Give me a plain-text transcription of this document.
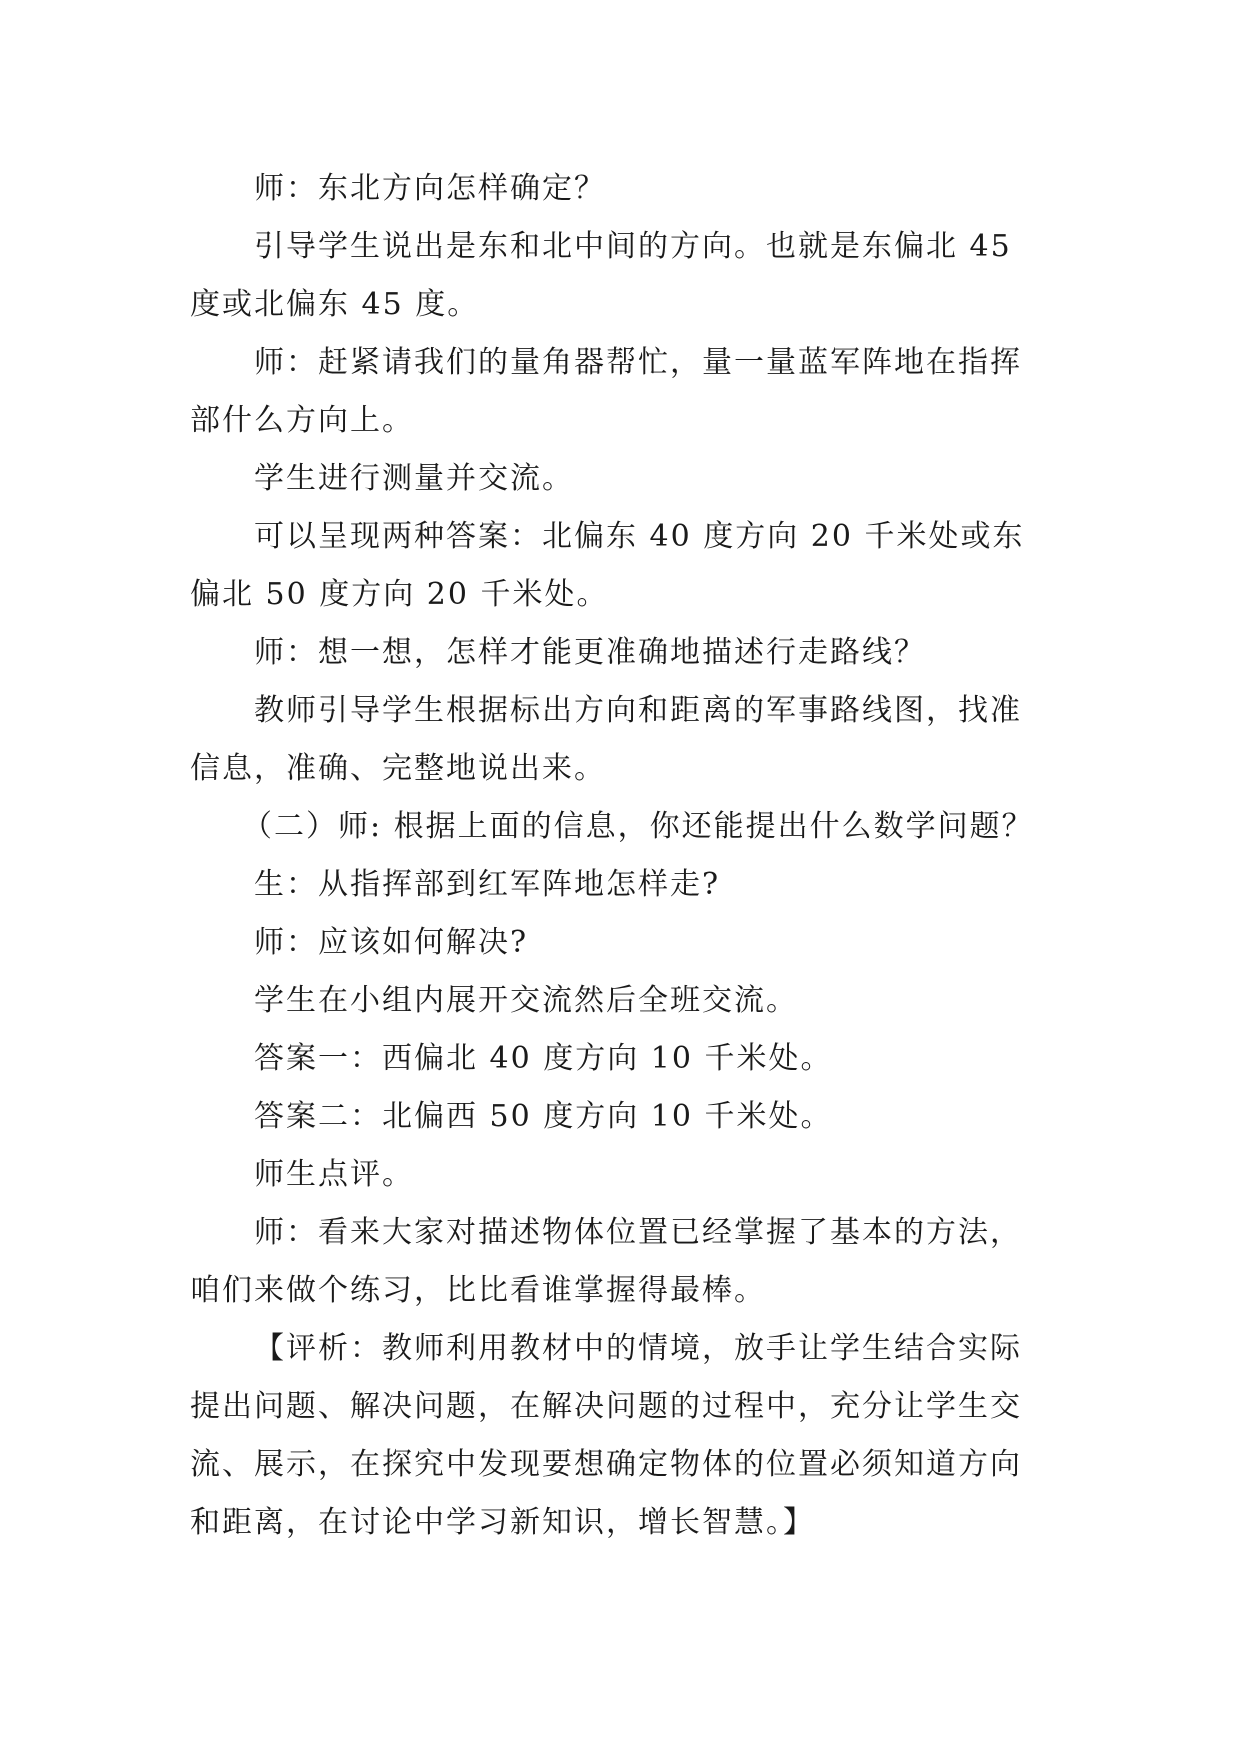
师：东北方向怎样确定？

引导学生说出是东和北中间的方向。也就是东偏北 45 度或北偏东 45 度。

师：赶紧请我们的量角器帮忙，量一量蓝军阵地在指挥部什么方向上。

学生进行测量并交流。

可以呈现两种答案：北偏东 40 度方向 20 千米处或东偏北 50 度方向 20 千米处。

师：想一想，怎样才能更准确地描述行走路线？

教师引导学生根据标出方向和距离的军事路线图，找准信息，准确、完整地说出来。

（二）师: 根据上面的信息，你还能提出什么数学问题？

生：从指挥部到红军阵地怎样走?

师：应该如何解决?

学生在小组内展开交流然后全班交流。

答案一：西偏北 40 度方向 10 千米处。

答案二：北偏西 50 度方向 10 千米处。

师生点评。

师：看来大家对描述物体位置已经掌握了基本的方法，咱们来做个练习，比比看谁掌握得最棒。

【评析：教师利用教材中的情境，放手让学生结合实际提出问题、解决问题，在解决问题的过程中，充分让学生交流、展示，在探究中发现要想确定物体的位置必须知道方向和距离，在讨论中学习新知识，增长智慧。】
